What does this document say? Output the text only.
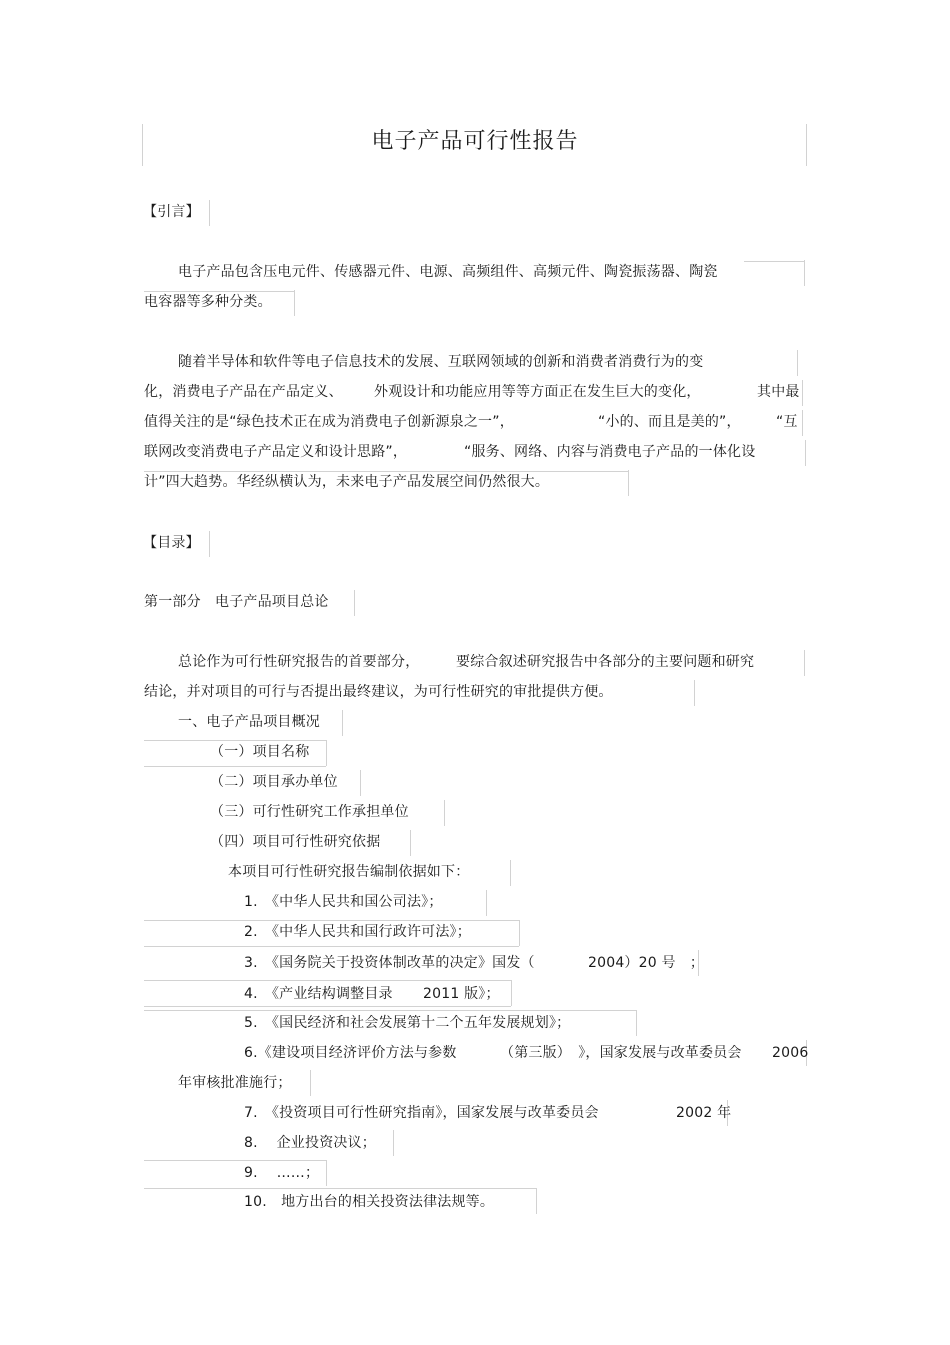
电子产品可行性报告
【引言】
电子产品包含压电元件、传感器元件、电源、高频组件、高频元件、陶瓷振荡器、陶瓷
电容器等多种分类。
随着半导体和软件等电子信息技术的发展、互联网领域的创新和消费者消费行为的变
化，消费电子产品在产品定义、 外观设计和功能应用等等方面正在发生巨大的变化，	其中最
值得关注的是“绿色技术正在成为消费电子创新源泉之一”，	“小的、而且是美的”，	“互
联网改变消费电子产品定义和设计思路”，	“服务、网络、内容与消费电子产品的一体化设
计”四大趋势。华经纵横认为，未来电子产品发展空间仍然很大。
【目录】
第一部分　电子产品项目总论
总论作为可行性研究报告的首要部分，	要综合叙述研究报告中各部分的主要问题和研究
结论，并对项目的可行与否提出最终建议，为可行性研究的审批提供方便。
一、电子产品项目概况
（一）项目名称
（二）项目承办单位
（三）可行性研究工作承担单位
（四）项目可行性研究依据
本项目可行性研究报告编制依据如下：
1.　《中华人民共和国公司法》；
2.　《中华人民共和国行政许可法》；
3.　《国务院关于投资体制改革的决定》国发（	2004）20 号　；
4.　《产业结构调整目录 2011 版》；
5.　《国民经济和社会发展第十二个五年发展规划》；
6.《建设项目经济评价方法与参数	（第三版）　》，国家发展与改革委员会 2006
年审核批准施行；
7.　《投资项目可行性研究指南》，国家发展与改革委员会	2002 年
8.　 企业投资决议；
9.　 ……；
10.　地方出台的相关投资法律法规等。
